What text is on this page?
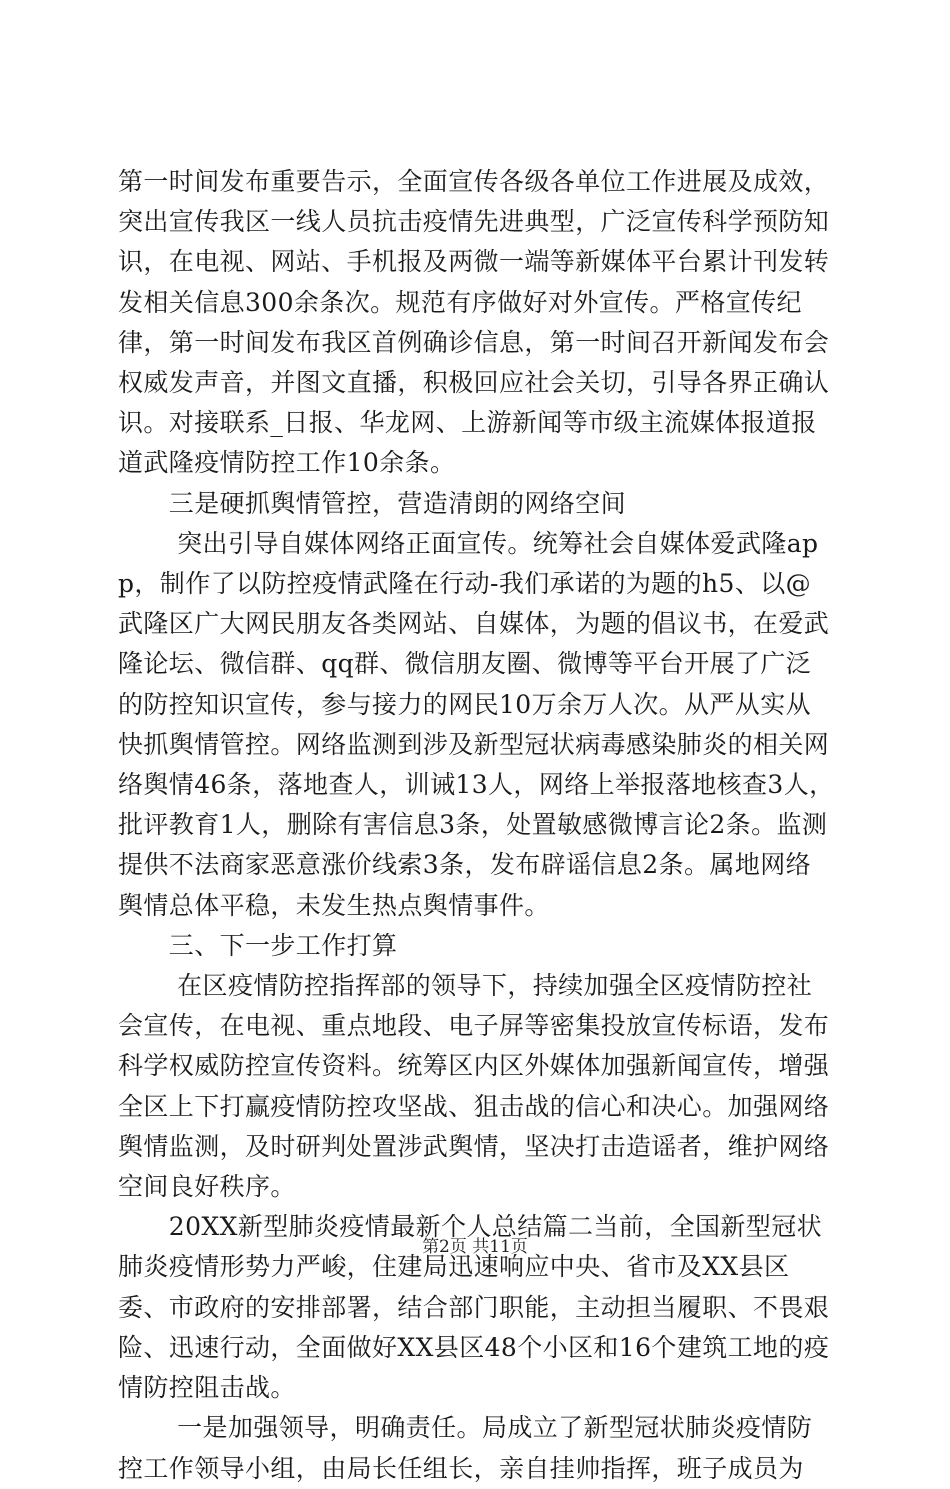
第一时间发布重要告示，全面宣传各级各单位工作进展及成效，突出宣传我区一线人员抗击疫情先进典型，广泛宣传科学预防知识，在电视、网站、手机报及两微一端等新媒体平台累计刊发转发相关信息300余条次。规范有序做好对外宣传。严格宣传纪律，第一时间发布我区首例确诊信息，第一时间召开新闻发布会权威发声音，并图文直播，积极回应社会关切，引导各界正确认识。对接联系_日报、华龙网、上游新闻等市级主流媒体报道报道武隆疫情防控工作10余条。

　　三是硬抓舆情管控，营造清朗的网络空间

　　 突出引导自媒体网络正面宣传。统筹社会自媒体爱武隆app，制作了以防控疫情武隆在行动-我们承诺的为题的h5、以@武隆区广大网民朋友各类网站、自媒体，为题的倡议书，在爱武隆论坛、微信群、qq群、微信朋友圈、微博等平台开展了广泛的防控知识宣传，参与接力的网民10万余万人次。从严从实从快抓舆情管控。网络监测到涉及新型冠状病毒感染肺炎的相关网络舆情46条，落地查人，训诫13人，网络上举报落地核查3人，批评教育1人，删除有害信息3条，处置敏感微博言论2条。监测提供不法商家恶意涨价线索3条，发布辟谣信息2条。属地网络舆情总体平稳，未发生热点舆情事件。

　　三、下一步工作打算

　　 在区疫情防控指挥部的领导下，持续加强全区疫情防控社会宣传，在电视、重点地段、电子屏等密集投放宣传标语，发布科学权威防控宣传资料。统筹区内区外媒体加强新闻宣传，增强全区上下打赢疫情防控攻坚战、狙击战的信心和决心。加强网络舆情监测，及时研判处置涉武舆情，坚决打击造谣者，维护网络空间良好秩序。

　　20XX新型肺炎疫情最新个人总结篇二当前，全国新型冠状肺炎疫情形势力严峻，住建局迅速响应中央、省市及XX县区委、市政府的安排部署，结合部门职能，主动担当履职、不畏艰险、迅速行动，全面做好XX县区48个小区和16个建筑工地的疫情防控阻击战。

　　 一是加强领导，明确责任。局成立了新型冠状肺炎疫情防控工作领导小组，由局长任组长，亲自挂帅指挥，班子成员为

第2页 共11页
